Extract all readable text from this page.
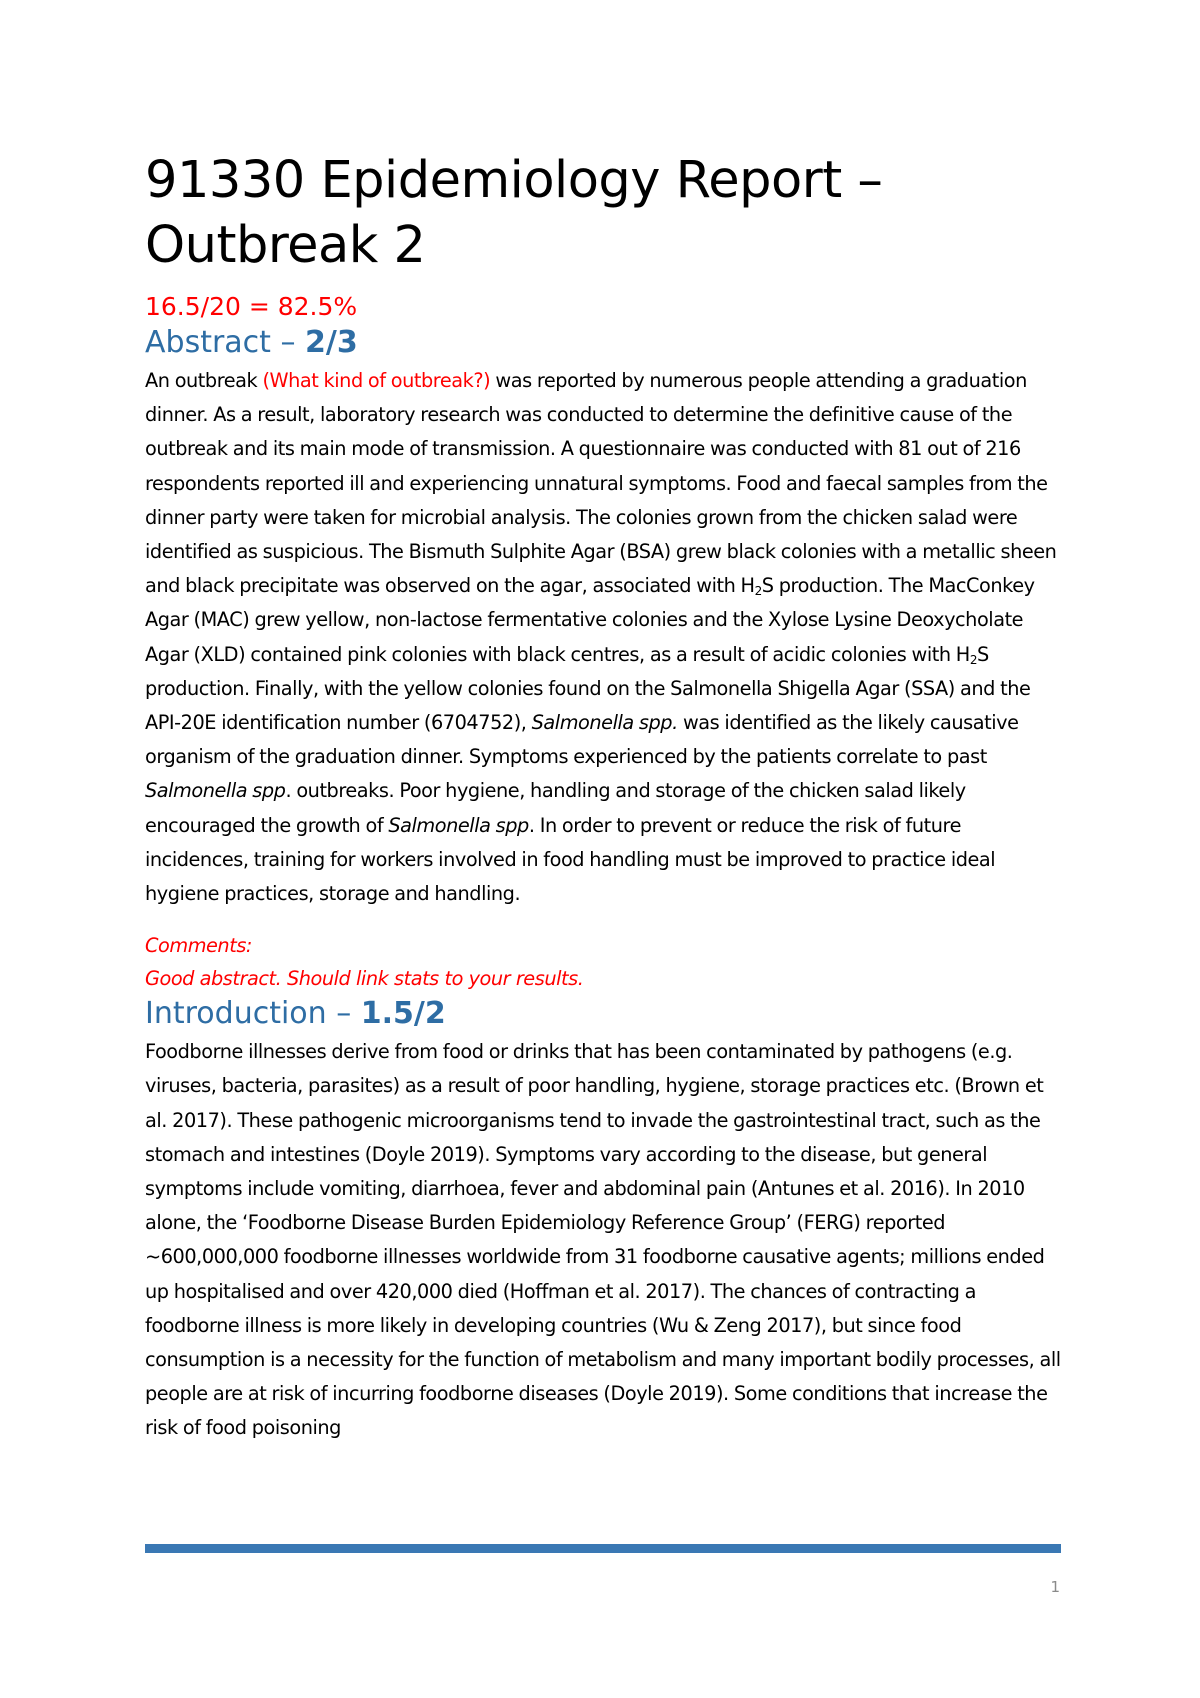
91330 Epidemiology Report –
Outbreak 2
16.5/20 = 82.5%
Abstract – 2/3

An outbreak (What kind of outbreak?) was reported by numerous people attending a graduation dinner. As a result, laboratory research was conducted to determine the definitive cause of the outbreak and its main mode of transmission. A questionnaire was conducted with 81 out of 216 respondents reported ill and experiencing unnatural symptoms. Food and faecal samples from the dinner party were taken for microbial analysis. The colonies grown from the chicken salad were identified as suspicious. The Bismuth Sulphite Agar (BSA) grew black colonies with a metallic sheen and black precipitate was observed on the agar, associated with $H_2S$ production. The MacConkey Agar (MAC) grew yellow, non-lactose fermentative colonies and the Xylose Lysine Deoxycholate Agar (XLD) contained pink colonies with black centres, as a result of acidic colonies with $H_2S$ production. Finally, with the yellow colonies found on the Salmonella Shigella Agar (SSA) and the API-20E identification number (6704752), Salmonella spp. was identified as the likely causative organism of the graduation dinner. Symptoms experienced by the patients correlate to past Salmonella spp. outbreaks. Poor hygiene, handling and storage of the chicken salad likely encouraged the growth of Salmonella spp. In order to prevent or reduce the risk of future incidences, training for workers involved in food handling must be improved to practice ideal hygiene practices, storage and handling.

Comments:
Good abstract. Should link stats to your results.
Introduction – 1.5/2

Foodborne illnesses derive from food or drinks that has been contaminated by pathogens (e.g. viruses, bacteria, parasites) as a result of poor handling, hygiene, storage practices etc. (Brown et al. 2017). These pathogenic microorganisms tend to invade the gastrointestinal tract, such as the stomach and intestines (Doyle 2019). Symptoms vary according to the disease, but general symptoms include vomiting, diarrhoea, fever and abdominal pain (Antunes et al. 2016). In 2010 alone, the ‘Foodborne Disease Burden Epidemiology Reference Group’ (FERG) reported ~600,000,000 foodborne illnesses worldwide from 31 foodborne causative agents; millions ended up hospitalised and over 420,000 died (Hoffman et al. 2017). The chances of contracting a foodborne illness is more likely in developing countries (Wu & Zeng 2017), but since food consumption is a necessity for the function of metabolism and many important bodily processes, all people are at risk of incurring foodborne diseases (Doyle 2019). Some conditions that increase the risk of food poisoning

1
